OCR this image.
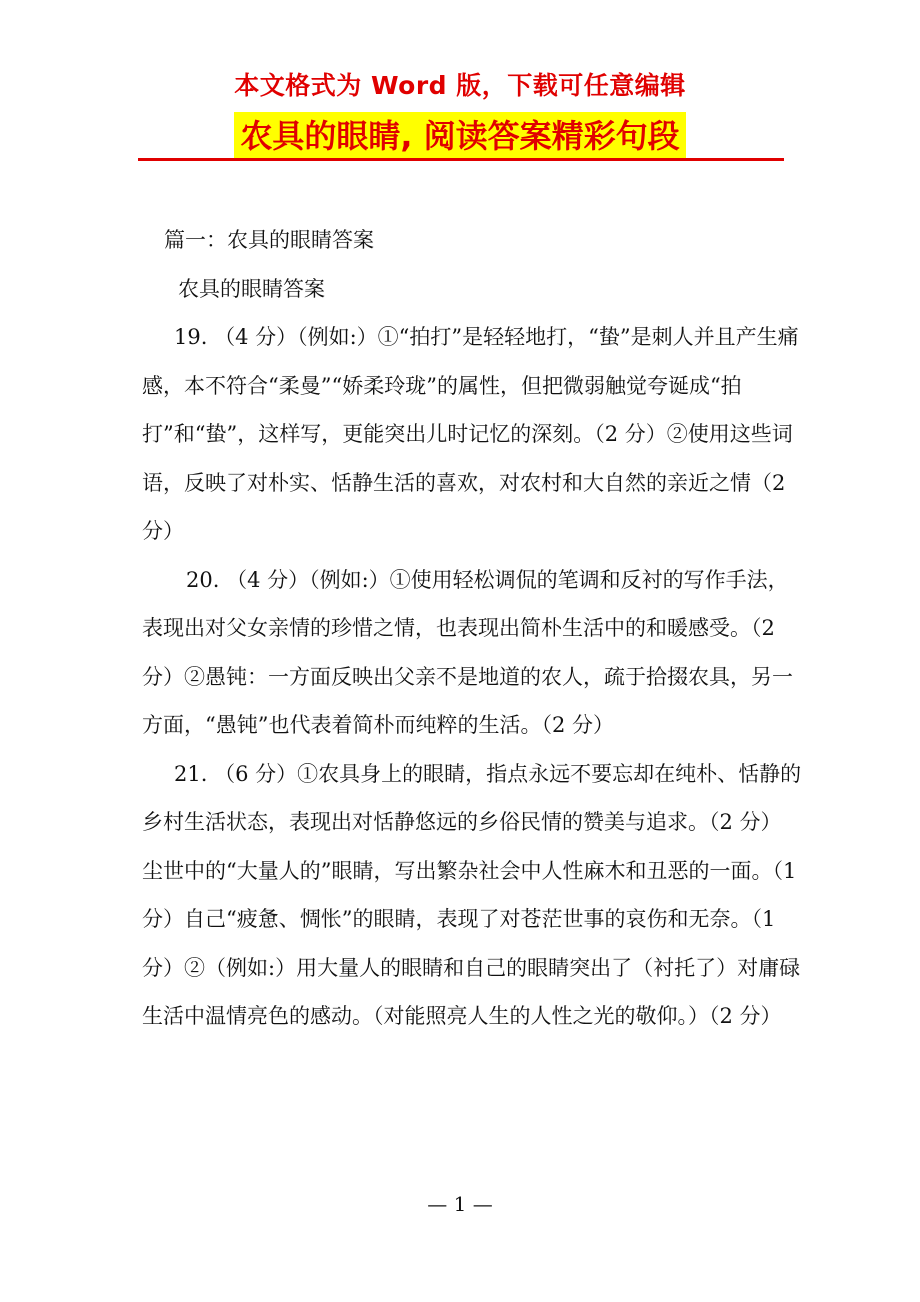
本文格式为 Word 版，下载可任意编辑
农具的眼睛, 阅读答案精彩句段

篇一：农具的眼睛答案

农具的眼睛答案

19. （4 分）（例如:）①“拍打”是轻轻地打，“蛰”是刺人并且产生痛感，本不符合“柔曼”“娇柔玲珑”的属性，但把微弱触觉夸诞成“拍打”和“蛰”，这样写，更能突出儿时记忆的深刻。（2 分）②使用这些词语，反映了对朴实、恬静生活的喜欢，对农村和大自然的亲近之情（2 分）

20. （4 分）（例如:）①使用轻松调侃的笔调和反衬的写作手法，表现出对父女亲情的珍惜之情，也表现出简朴生活中的和暖感受。（2 分）②愚钝：一方面反映出父亲不是地道的农人，疏于拾掇农具，另一方面，“愚钝”也代表着简朴而纯粹的生活。（2 分）

21. （6 分）①农具身上的眼睛，指点永远不要忘却在纯朴、恬静的乡村生活状态，表现出对恬静悠远的乡俗民情的赞美与追求。（2 分）尘世中的“大量人的”眼睛，写出繁杂社会中人性麻木和丑恶的一面。（1 分）自己“疲惫、惆怅”的眼睛，表现了对苍茫世事的哀伤和无奈。（1 分）②（例如:）用大量人的眼睛和自己的眼睛突出了（衬托了）对庸碌生活中温情亮色的感动。（对能照亮人生的人性之光的敬仰。）（2 分）

— 1 —
